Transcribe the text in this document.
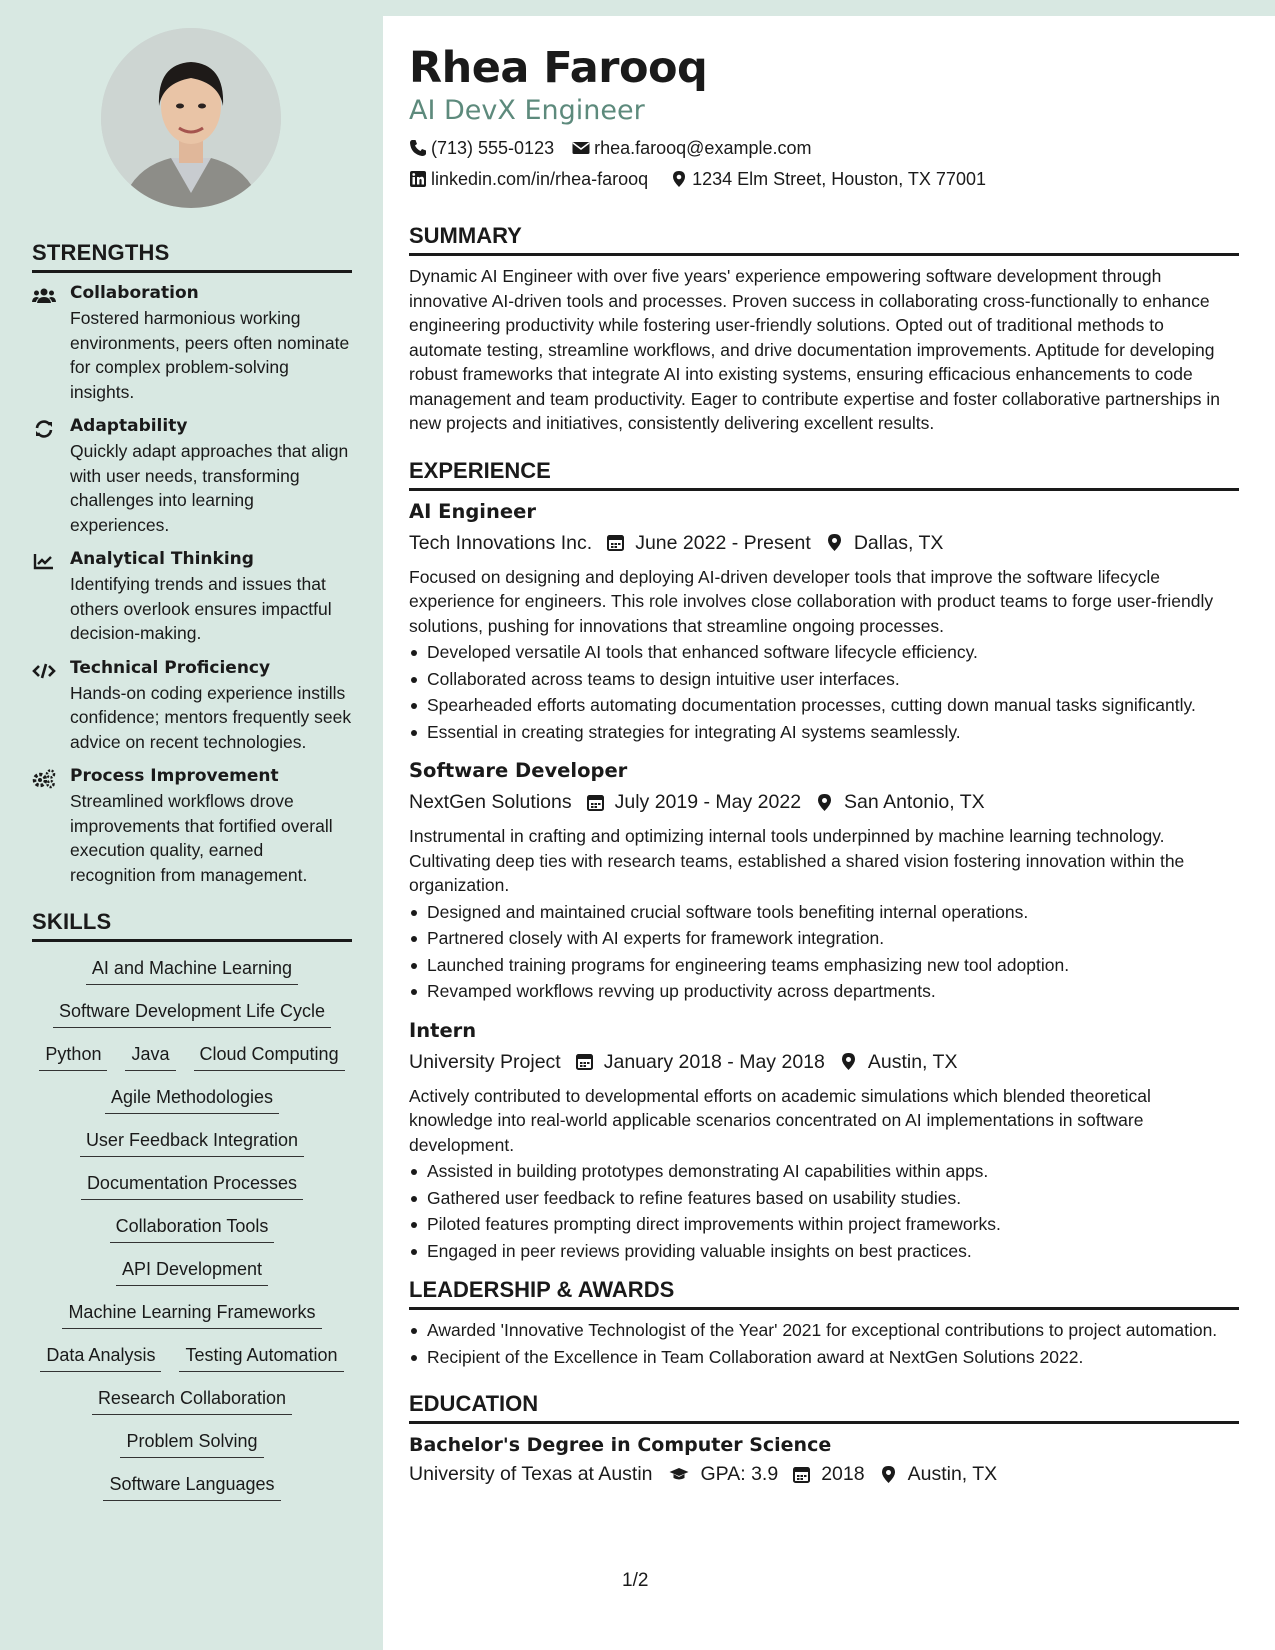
STRENGTHS
Collaboration
Fostered harmonious working environments, peers often nominate for complex problem-solving insights.
Adaptability
Quickly adapt approaches that align with user needs, transforming challenges into learning experiences.
Analytical Thinking
Identifying trends and issues that others overlook ensures impactful decision-making.
Technical Proficiency
Hands-on coding experience instills confidence; mentors frequently seek advice on recent technologies.
Process Improvement
Streamlined workflows drove improvements that fortified overall execution quality, earned recognition from management.
SKILLS
AI and Machine Learning
Software Development Life Cycle
Python	Java	Cloud Computing
Agile Methodologies
User Feedback Integration
Documentation Processes
Collaboration Tools
API Development
Machine Learning Frameworks
Data Analysis	Testing Automation
Research Collaboration
Problem Solving
Software Languages
Rhea Farooq
AI DevX Engineer
(713) 555-0123 rhea.farooq@example.com
linkedin.com/in/rhea-farooq 1234 Elm Street, Houston, TX 77001
SUMMARY
Dynamic AI Engineer with over five years' experience empowering software development through innovative AI-driven tools and processes. Proven success in collaborating cross-functionally to enhance engineering productivity while fostering user-friendly solutions. Opted out of traditional methods to automate testing, streamline workflows, and drive documentation improvements. Aptitude for developing robust frameworks that integrate AI into existing systems, ensuring efficacious enhancements to code management and team productivity. Eager to contribute expertise and foster collaborative partnerships in new projects and initiatives, consistently delivering excellent results.
EXPERIENCE
AI Engineer
Tech Innovations Inc. June 2022 - Present Dallas, TX
Focused on designing and deploying AI-driven developer tools that improve the software lifecycle experience for engineers. This role involves close collaboration with product teams to forge user-friendly solutions, pushing for innovations that streamline ongoing processes.
Developed versatile AI tools that enhanced software lifecycle efficiency.
Collaborated across teams to design intuitive user interfaces.
Spearheaded efforts automating documentation processes, cutting down manual tasks significantly.
Essential in creating strategies for integrating AI systems seamlessly.
Software Developer
NextGen Solutions July 2019 - May 2022 San Antonio, TX
Instrumental in crafting and optimizing internal tools underpinned by machine learning technology. Cultivating deep ties with research teams, established a shared vision fostering innovation within the organization.
Designed and maintained crucial software tools benefiting internal operations.
Partnered closely with AI experts for framework integration.
Launched training programs for engineering teams emphasizing new tool adoption.
Revamped workflows revving up productivity across departments.
Intern
University Project January 2018 - May 2018 Austin, TX
Actively contributed to developmental efforts on academic simulations which blended theoretical knowledge into real-world applicable scenarios concentrated on AI implementations in software development.
Assisted in building prototypes demonstrating AI capabilities within apps.
Gathered user feedback to refine features based on usability studies.
Piloted features prompting direct improvements within project frameworks.
Engaged in peer reviews providing valuable insights on best practices.
LEADERSHIP & AWARDS
Awarded 'Innovative Technologist of the Year' 2021 for exceptional contributions to project automation.
Recipient of the Excellence in Team Collaboration award at NextGen Solutions 2022.
EDUCATION
Bachelor's Degree in Computer Science
University of Texas at Austin GPA: 3.9 2018 Austin, TX
1/2
